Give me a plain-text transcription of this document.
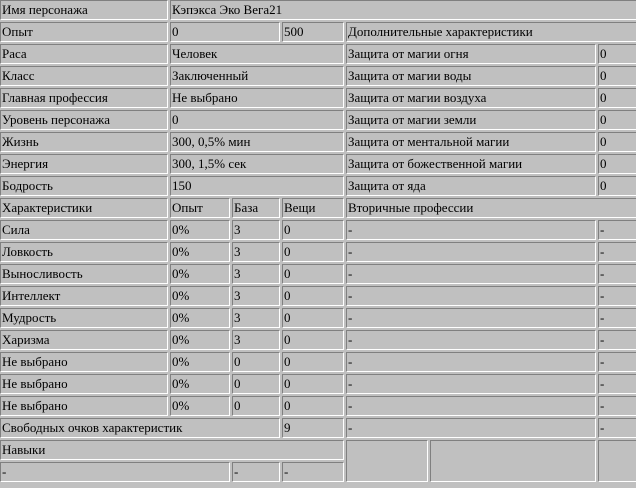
Имя персонажа	Кэпэкса Эко Вега21					
Опыт	0		500	Дополнительные характеристики		
Раса	Человек			Защита от магии огня		0
Класс	Заключенный			Защита от магии воды		0
Главная профессия	Не выбрано			Защита от магии воздуха		0
Уровень персонажа	0			Защита от магии земли		0
Жизнь	300, 0,5% мин			Защита от ментальной магии		0
Энергия	300, 1,5% сек			Защита от божественной магии		0
Бодрость	150			Защита от яда		0
Характеристики	Опыт	База	Вещи	Вторичные профессии		
Сила	0%	3	0	-		-
Ловкость	0%	3	0	-		-
Выносливость	0%	3	0	-		-
Интеллект	0%	3	0	-		-
Мудрость	0%	3	0	-		-
Харизма	0%	3	0	-		-
Не выбрано	0%	0	0	-		-
Не выбрано	0%	0	0	-		-
Не выбрано	0%	0	0	-		-
Свободных очков характеристик			9	-		-
Навыки						
-		-	-			
